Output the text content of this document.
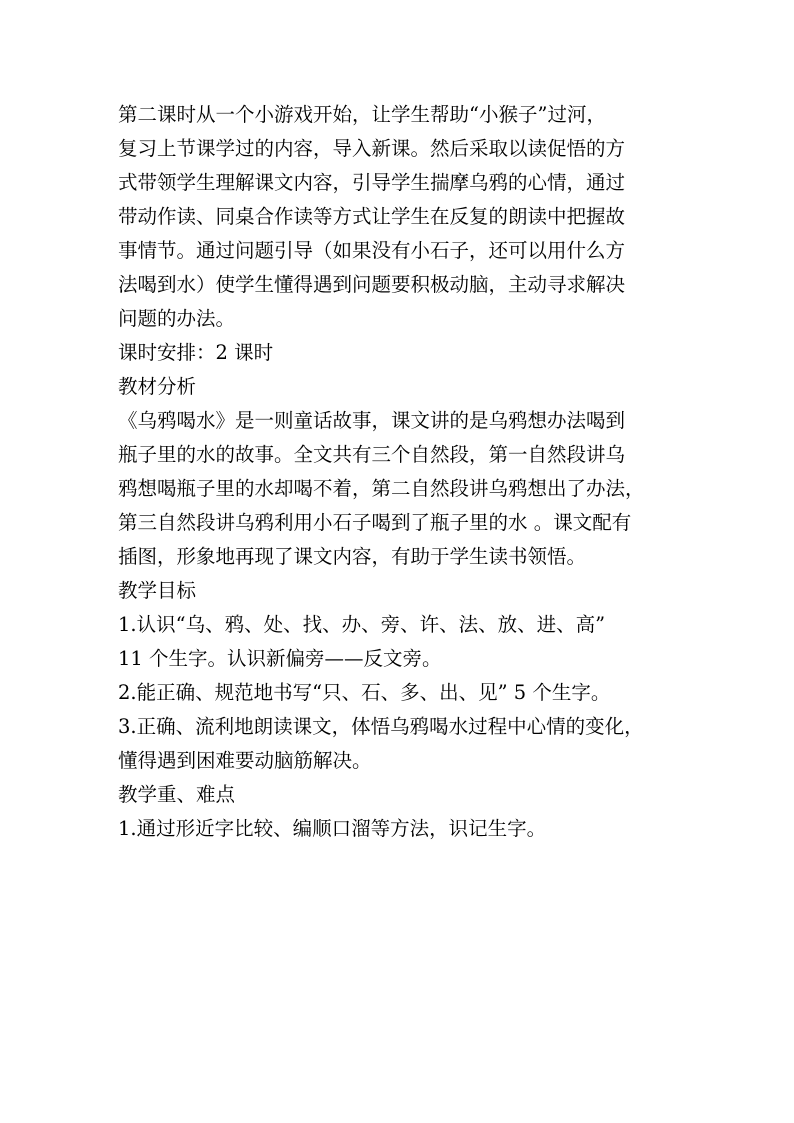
第二课时从一个小游戏开始，让学生帮助“小猴子”过河，
复习上节课学过的内容，导入新课。然后采取以读促悟的方
式带领学生理解课文内容，引导学生揣摩乌鸦的心情，通过
带动作读、同桌合作读等方式让学生在反复的朗读中把握故
事情节。通过问题引导（如果没有小石子，还可以用什么方
法喝到水）使学生懂得遇到问题要积极动脑，主动寻求解决
问题的办法。
课时安排：2 课时
教材分析
《乌鸦喝水》是一则童话故事，课文讲的是乌鸦想办法喝到
瓶子里的水的故事。全文共有三个自然段，第一自然段讲乌
鸦想喝瓶子里的水却喝不着，第二自然段讲乌鸦想出了办法，
第三自然段讲乌鸦利用小石子喝到了瓶子里的水 。课文配有
插图，形象地再现了课文内容，有助于学生读书领悟。
教学目标
1.认识“乌、鸦、处、找、办、旁、许、法、放、进、高”
11 个生字。认识新偏旁——反文旁。
2.能正确、规范地书写“只、石、多、出、见” 5 个生字。
3.正确、流利地朗读课文，体悟乌鸦喝水过程中心情的变化，
懂得遇到困难要动脑筋解决。
教学重、难点
1.通过形近字比较、编顺口溜等方法，识记生字。
